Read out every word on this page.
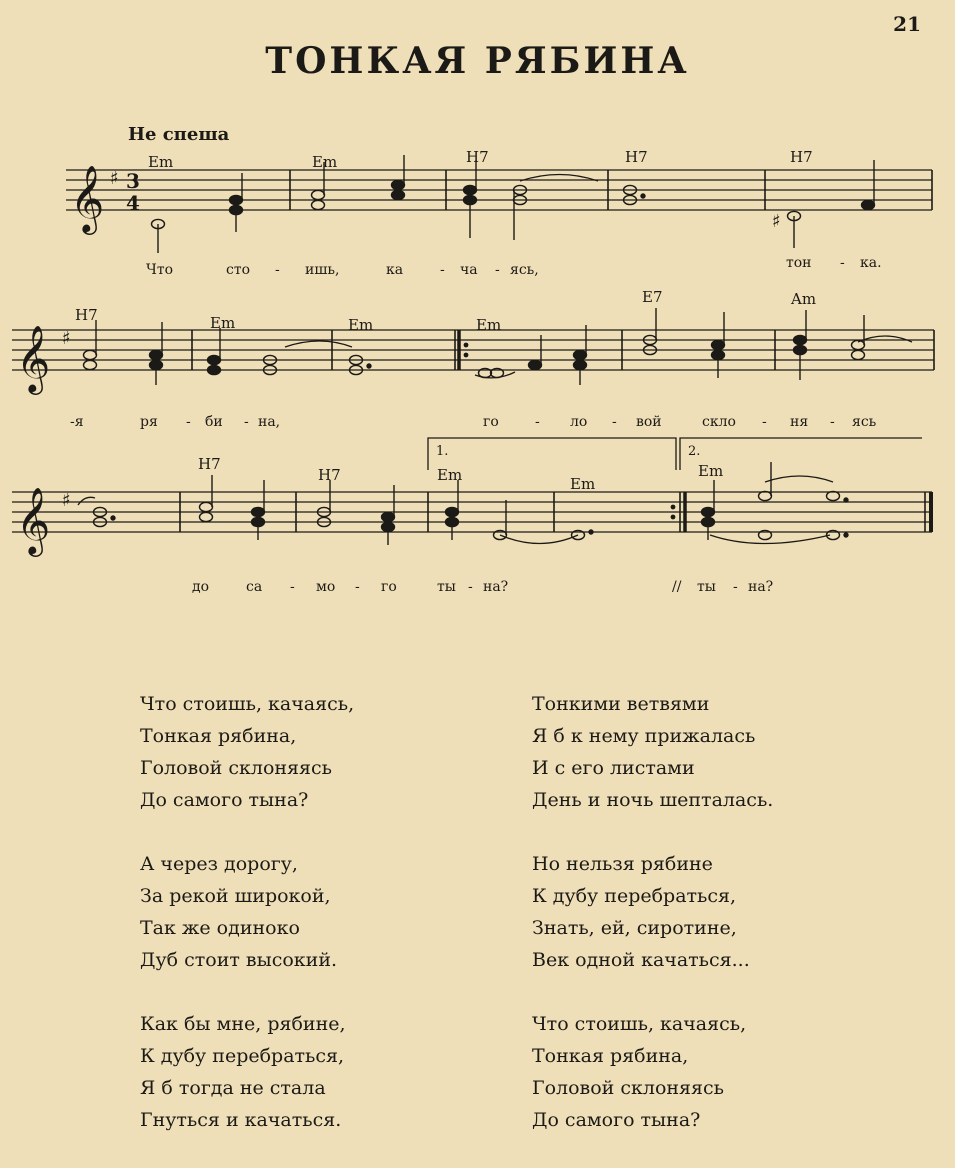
21
ТОНКАЯ РЯБИНА
Не спеша
𝄞
𝄞
𝄞
♯
♯
♯
3
4
♯
Em	Em	H7	H7	H7
H7	Em	Em	Em
E7	Am
H7
H7	Em	Em
Em
1.	2.
Что	сто - ишь,	ка	- ча - ясь,	тон - ка.
-я	ря - би - на,	го	- ло - вой	скло - ня - ясь
до	са - мо - го	ты - на?	// ты - на?
Что стоишь, качаясь,
Тонкая рябина,
Головой склоняясь
До самого тына?
А через дорогу,
За рекой широкой,
Так же одиноко
Дуб стоит высокий.
Как бы мне, рябине,
К дубу перебраться,
Я б тогда не стала
Гнуться и качаться.
Тонкими ветвями
Я б к нему прижалась
И с его листами
День и ночь шепталась.
Но нельзя рябине
К дубу перебраться,
Знать, ей, сиротине,
Век одной качаться...
Что стоишь, качаясь,
Тонкая рябина,
Головой склоняясь
До самого тына?
